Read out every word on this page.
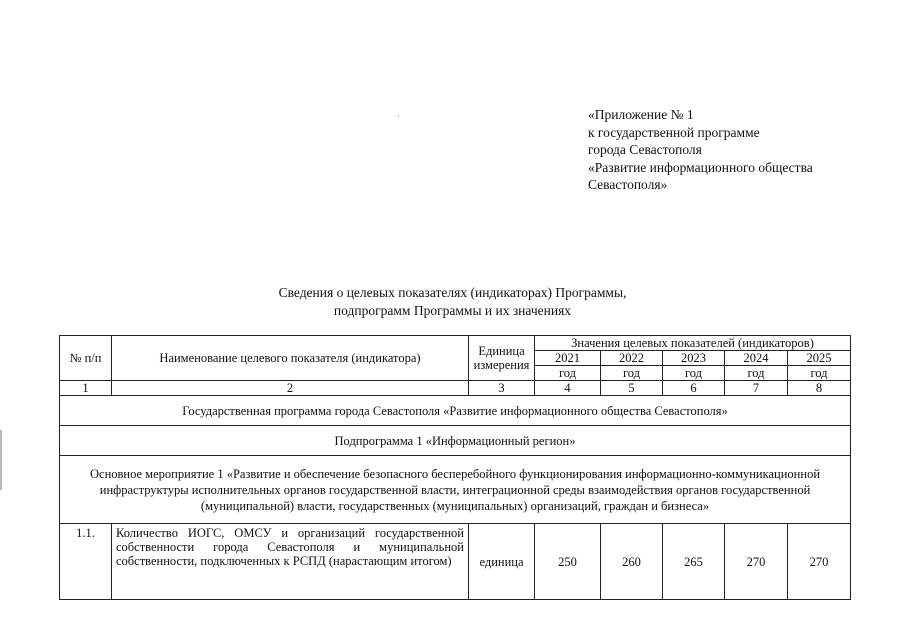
«Приложение № 1
к государственной программе
города Севастополя
«Развитие информационного общества
Севастополя»
Сведения о целевых показателях (индикаторах) Программы,
подпрограмм Программы и их значениях
№ п/п	Наименование целевого показателя (индикатора)	Единица измерения	Значения целевых показателей (индикаторов)				
			2021	2022	2023	2024	2025
			год	год	год	год	год
1	2	3	4	5	6	7	8
Государственная программа города Севастополя «Развитие информационного общества Севастополя»							
Подпрограмма 1 «Информационный регион»							
Основное мероприятие 1 «Развитие и обеспечение безопасного бесперебойного функционирования информационно-коммуникационной инфраструктуры исполнительных органов государственной власти, интеграционной среды взаимодействия органов государственной (муниципальной) власти, государственных (муниципальных) организаций, граждан и бизнеса»							
1.1.	Количество ИОГС, ОМСУ и организаций государственной собственности города Севастополя и муниципальной собственности, подключенных к РСПД (нарастающим итогом)	единица	250	260	265	270	270
